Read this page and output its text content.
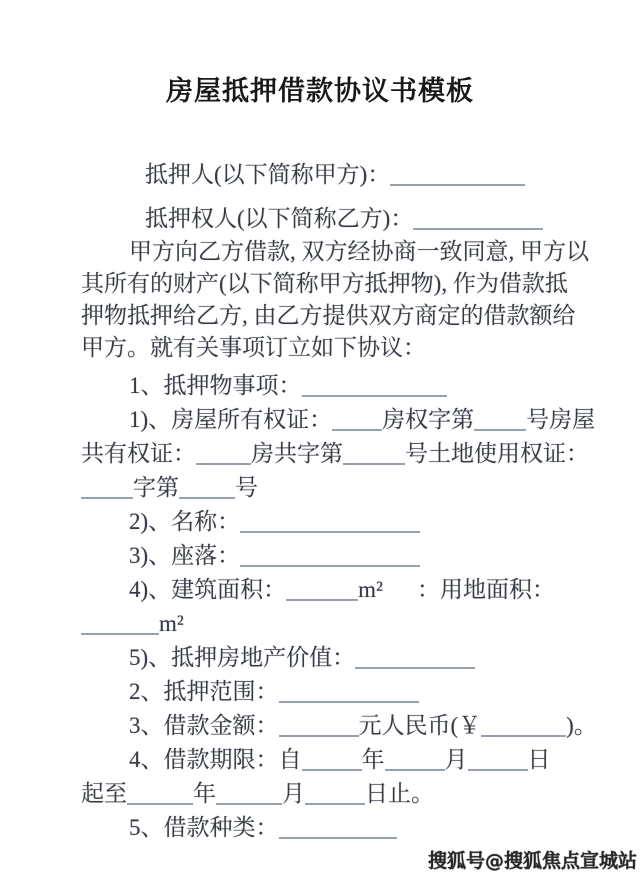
房屋抵押借款协议书模板
抵押人(以下简称甲方)：
抵押权人(以下简称乙方)：
甲方向乙方借款, 双方经协商一致同意, 甲方以
其所有的财产(以下简称甲方抵押物), 作为借款抵
押物抵押给乙方, 由乙方提供双方商定的借款额给
甲方。就有关事项订立如下协议：
1、抵押物事项：
1)、房屋所有权证： 房权字第 号房屋
共有权证： 房共字第	号土地使用权证：
字第 号
2)、名称：
3)、座落：
4)、建筑面积：	m² ：用地面积：
m²
5)、抵押房地产价值：
2、抵押范围：
3、借款金额：	元人民币(￥	)。
4、借款期限：自	年	月	日
起至	年	月	日止。
5、借款种类：
搜狐号@搜狐焦点宣城站
